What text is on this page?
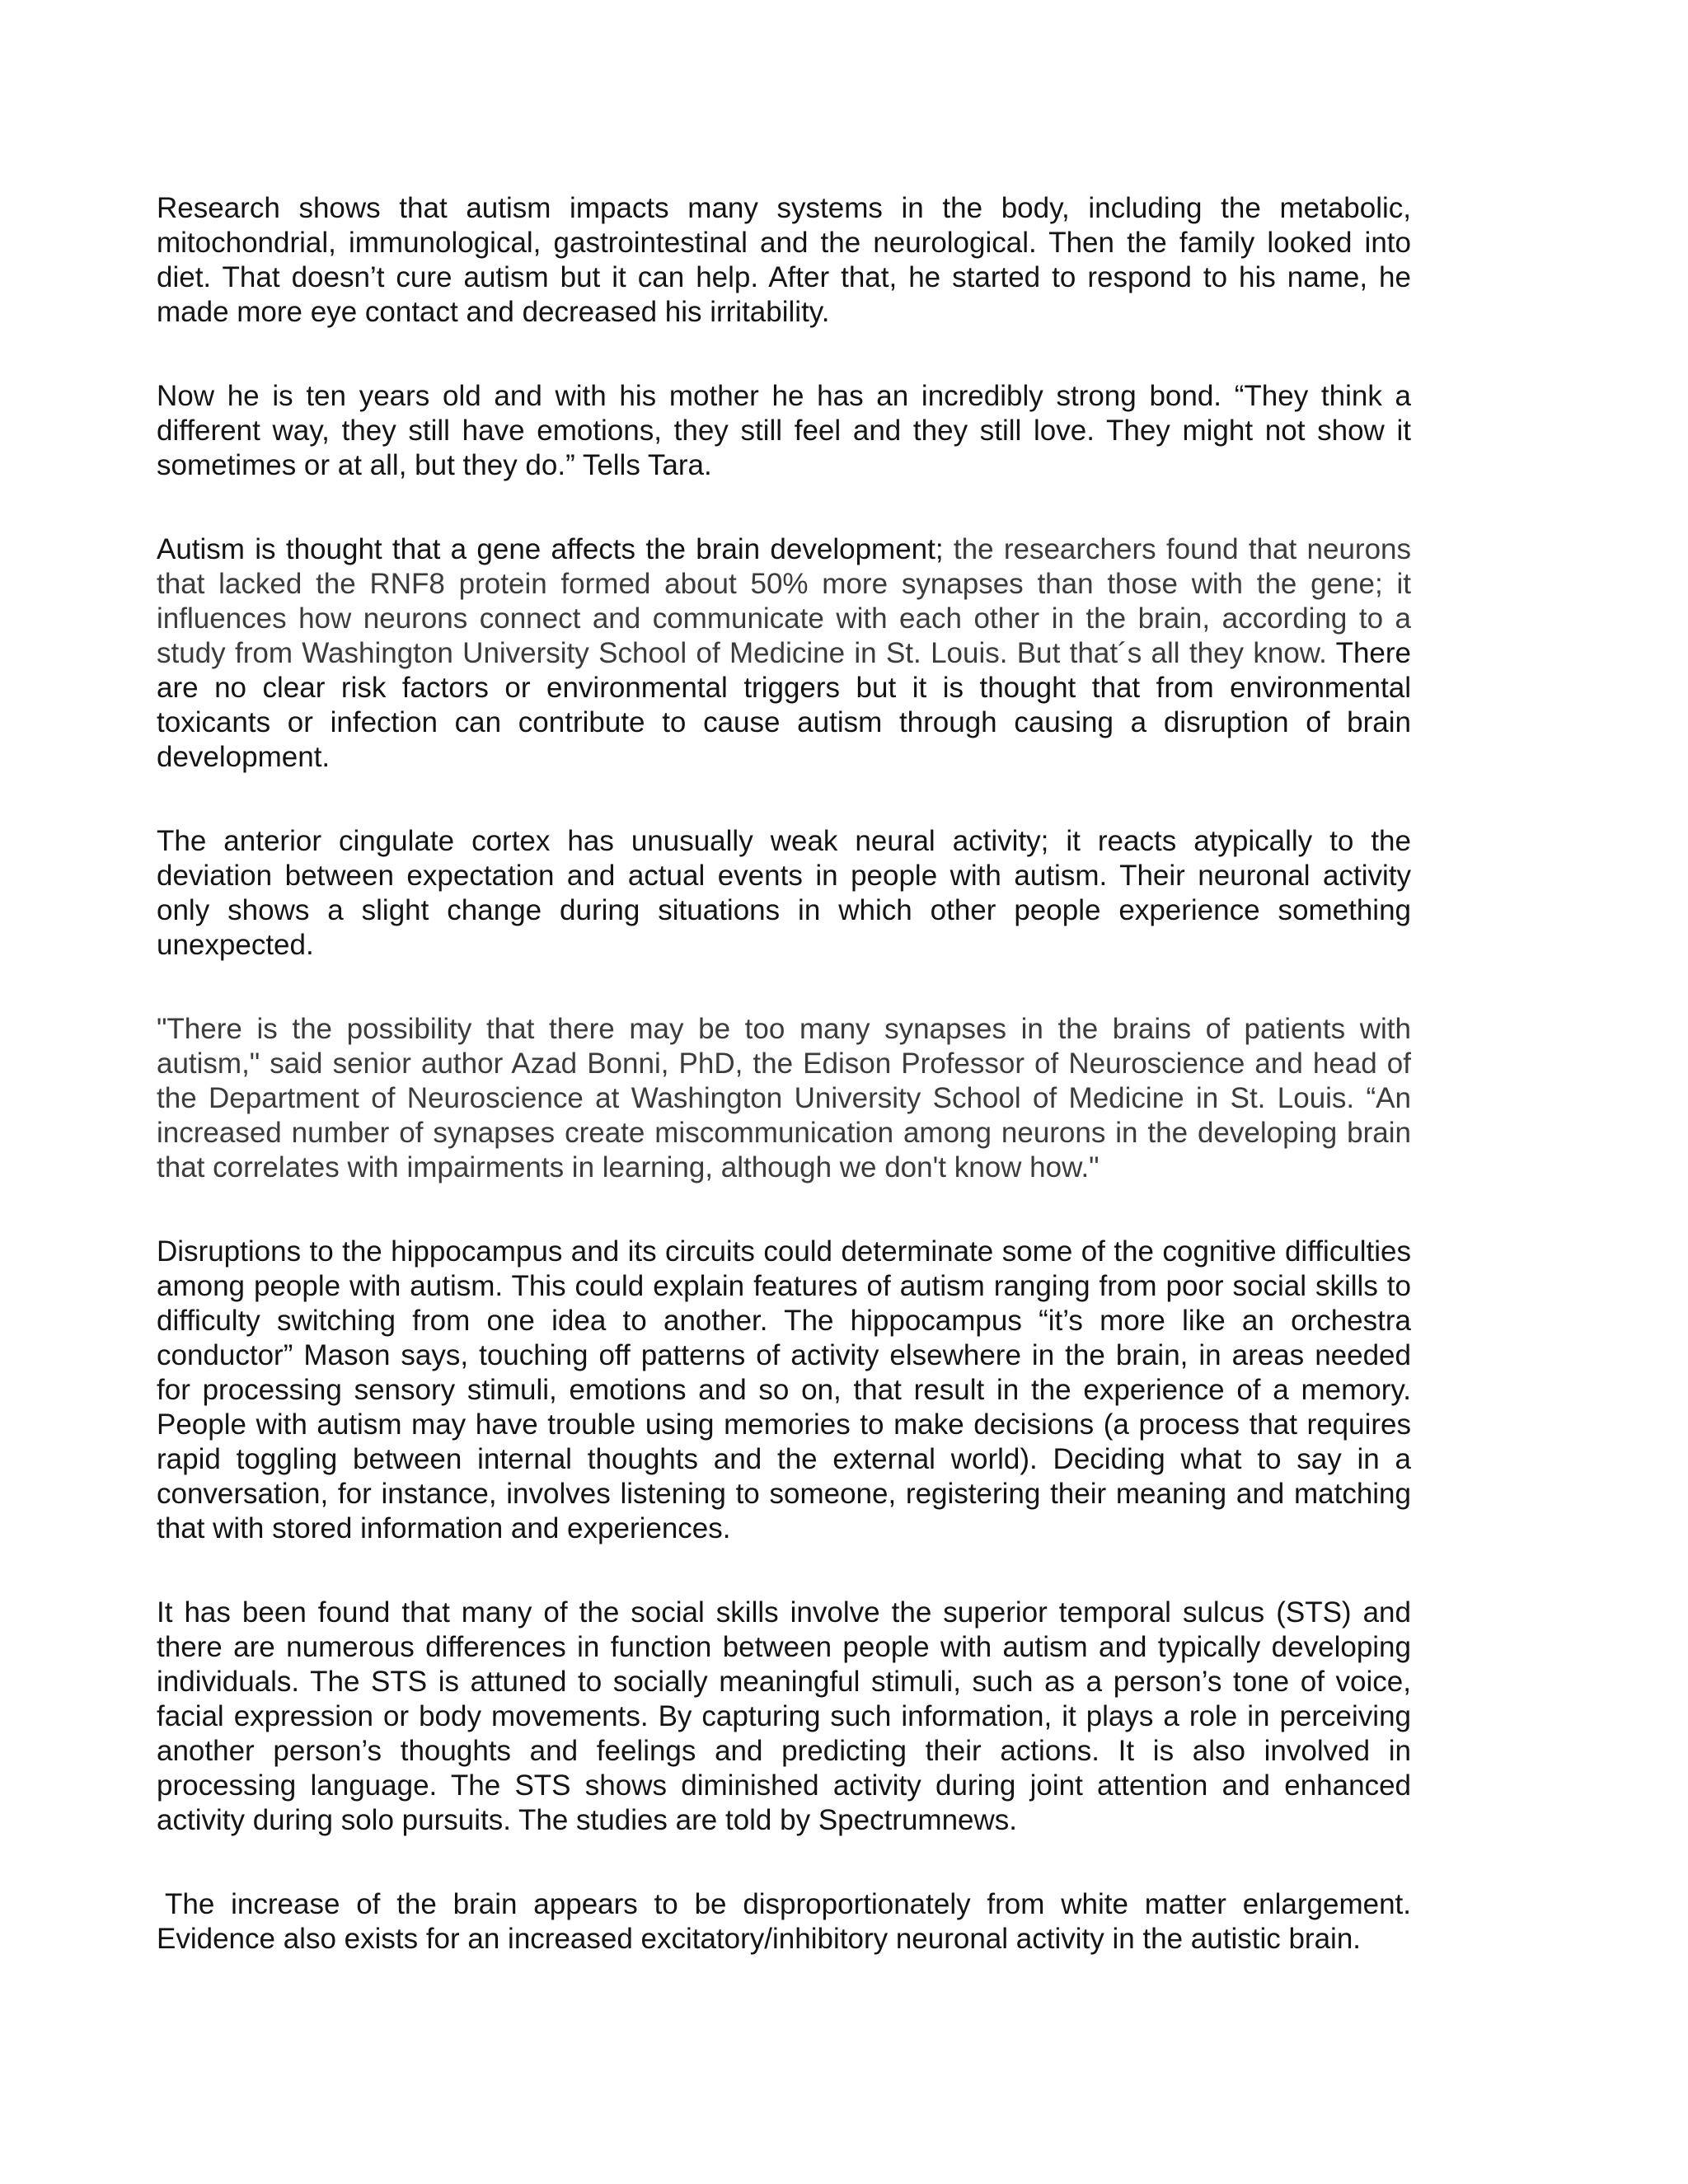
Research shows that autism impacts many systems in the body, including the metabolic, mitochondrial, immunological, gastrointestinal and the neurological. Then the family looked into diet. That doesn’t cure autism but it can help. After that, he started to respond to his name, he made more eye contact and decreased his irritability.

Now he is ten years old and with his mother he has an incredibly strong bond. “They think a different way, they still have emotions, they still feel and they still love. They might not show it sometimes or at all, but they do.” Tells Tara.

Autism is thought that a gene affects the brain development; the researchers found that neurons that lacked the RNF8 protein formed about 50% more synapses than those with the gene; it influences how neurons connect and communicate with each other in the brain, according to a study from Washington University School of Medicine in St. Louis. But that´s all they know. There are no clear risk factors or environmental triggers but it is thought that from environmental toxicants or infection can contribute to cause autism through causing a disruption of brain development.

The anterior cingulate cortex has unusually weak neural activity; it reacts atypically to the deviation between expectation and actual events in people with autism. Their neuronal activity only shows a slight change during situations in which other people experience something unexpected.

"There is the possibility that there may be too many synapses in the brains of patients with autism," said senior author Azad Bonni, PhD, the Edison Professor of Neuroscience and head of the Department of Neuroscience at Washington University School of Medicine in St. Louis. “An increased number of synapses create miscommunication among neurons in the developing brain that correlates with impairments in learning, although we don't know how."

Disruptions to the hippocampus and its circuits could determinate some of the cognitive difficulties among people with autism. This could explain features of autism ranging from poor social skills to difficulty switching from one idea to another. The hippocampus “it’s more like an orchestra conductor” Mason says, touching off patterns of activity elsewhere in the brain, in areas needed for processing sensory stimuli, emotions and so on, that result in the experience of a memory. People with autism may have trouble using memories to make decisions (a process that requires rapid toggling between internal thoughts and the external world). Deciding what to say in a conversation, for instance, involves listening to someone, registering their meaning and matching that with stored information and experiences.

It has been found that many of the social skills involve the superior temporal sulcus (STS) and there are numerous differences in function between people with autism and typically developing individuals. The STS is attuned to socially meaningful stimuli, such as a person’s tone of voice, facial expression or body movements. By capturing such information, it plays a role in perceiving another person’s thoughts and feelings and predicting their actions. It is also involved in processing language. The STS shows diminished activity during joint attention and enhanced activity during solo pursuits. The studies are told by Spectrumnews.

The increase of the brain appears to be disproportionately from white matter enlargement. Evidence also exists for an increased excitatory/inhibitory neuronal activity in the autistic brain.
